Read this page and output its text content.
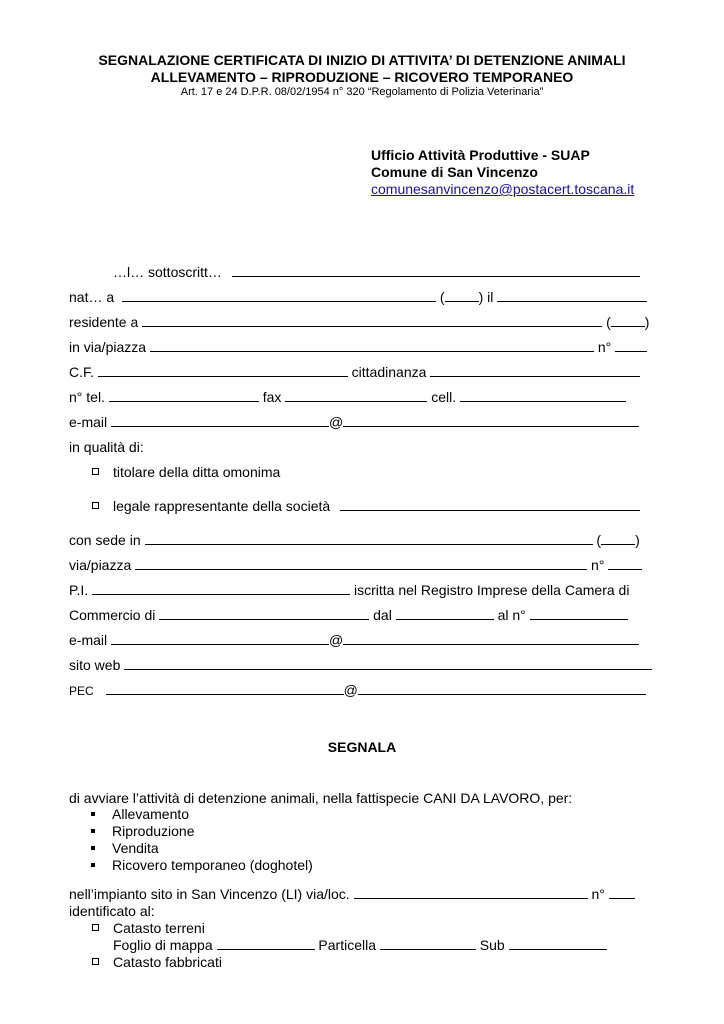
SEGNALAZIONE CERTIFICATA DI INIZIO DI ATTIVITA’ DI DETENZIONE ANIMALI
ALLEVAMENTO – RIPRODUZIONE – RICOVERO TEMPORANEO
Art. 17 e 24 D.P.R. 08/02/1954 n° 320 “Regolamento di Polizia Veterinaria”
Ufficio Attività Produttive - SUAP
Comune di San Vincenzo
comunesanvincenzo@postacert.toscana.it
…l… sottoscritt…
nat… a	( ) il
residente a	( )
in via/piazza	n°
C.F.	cittadinanza
n° tel.	fax	cell.
e-mail	@
in qualità di:
titolare della ditta omonima
legale rappresentante della società
con sede in	( )
via/piazza	n°
P.I.	iscritta nel Registro Imprese della Camera di
Commercio di	dal	al n°
e-mail	@
sito web
PEC	@
SEGNALA
di avviare l’attività di detenzione animali, nella fattispecie CANI DA LAVORO, per:
Allevamento
Riproduzione
Vendita
Ricovero temporaneo (doghotel)
nell’impianto sito in San Vincenzo (LI) via/loc.	n°
identificato al:
Catasto terreni
Foglio di mappa	Particella	Sub
Catasto fabbricati
